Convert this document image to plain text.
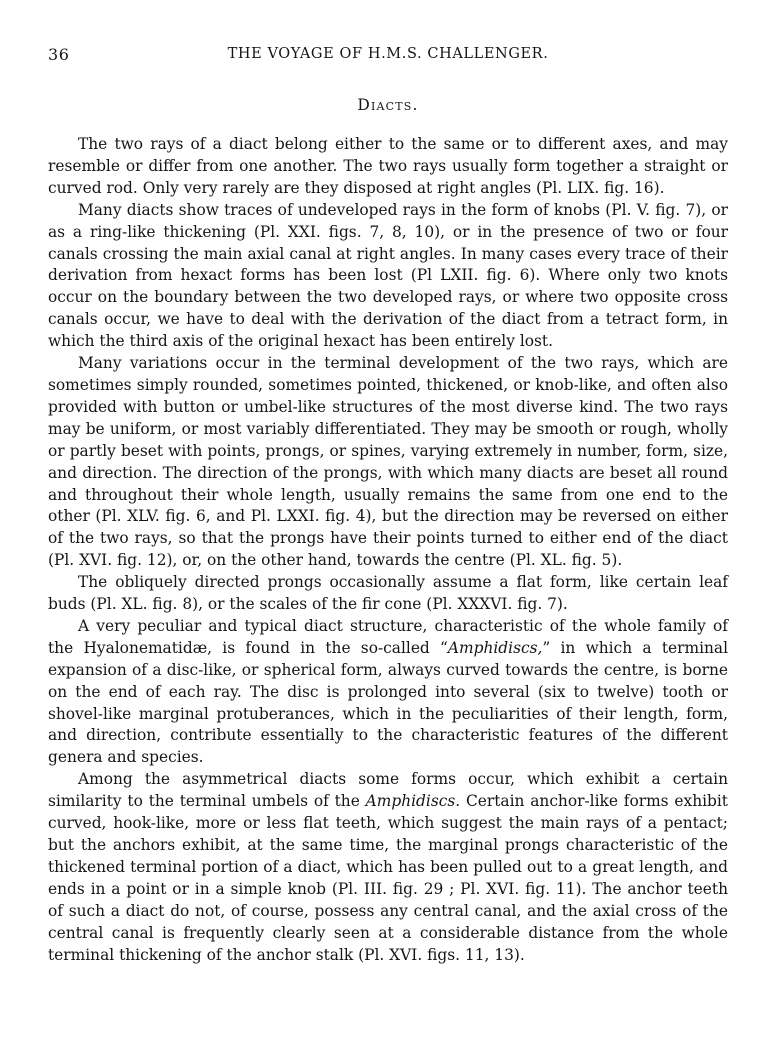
36	THE VOYAGE OF H.M.S. CHALLENGER.
Diacts.

The two rays of a diact belong either to the same or to different axes, and may resemble or differ from one another. The two rays usually form together a straight or curved rod. Only very rarely are they disposed at right angles (Pl. LIX. fig. 16).

Many diacts show traces of undeveloped rays in the form of knobs (Pl. V. fig. 7), or as a ring-like thickening (Pl. XXI. figs. 7, 8, 10), or in the presence of two or four canals crossing the main axial canal at right angles. In many cases every trace of their derivation from hexact forms has been lost (Pl LXII. fig. 6). Where only two knots occur on the boundary between the two developed rays, or where two opposite cross canals occur, we have to deal with the derivation of the diact from a tetract form, in which the third axis of the original hexact has been entirely lost.

Many variations occur in the terminal development of the two rays, which are sometimes simply rounded, sometimes pointed, thickened, or knob-like, and often also provided with button or umbel-like structures of the most diverse kind. The two rays may be uniform, or most variably differentiated. They may be smooth or rough, wholly or partly beset with points, prongs, or spines, varying extremely in number, form, size, and direction. The direction of the prongs, with which many diacts are beset all round and throughout their whole length, usually remains the same from one end to the other (Pl. XLV. fig. 6, and Pl. LXXI. fig. 4), but the direction may be reversed on either of the two rays, so that the prongs have their points turned to either end of the diact (Pl. XVI. fig. 12), or, on the other hand, towards the centre (Pl. XL. fig. 5).

The obliquely directed prongs occasionally assume a flat form, like certain leaf buds (Pl. XL. fig. 8), or the scales of the fir cone (Pl. XXXVI. fig. 7).

A very peculiar and typical diact structure, characteristic of the whole family of the Hyalonematidæ, is found in the so-called “Amphidiscs,” in which a terminal expansion of a disc-like, or spherical form, always curved towards the centre, is borne on the end of each ray. The disc is prolonged into several (six to twelve) tooth or shovel-like marginal protuberances, which in the peculiarities of their length, form, and direction, contribute essentially to the characteristic features of the different genera and species.

Among the asymmetrical diacts some forms occur, which exhibit a certain similarity to the terminal umbels of the Amphidiscs. Certain anchor-like forms exhibit curved, hook-like, more or less flat teeth, which suggest the main rays of a pentact; but the anchors exhibit, at the same time, the marginal prongs characteristic of the thickened terminal portion of a diact, which has been pulled out to a great length, and ends in a point or in a simple knob (Pl. III. fig. 29 ; Pl. XVI. fig. 11). The anchor teeth of such a diact do not, of course, possess any central canal, and the axial cross of the central canal is frequently clearly seen at a considerable distance from the whole terminal thickening of the anchor stalk (Pl. XVI. figs. 11, 13).
